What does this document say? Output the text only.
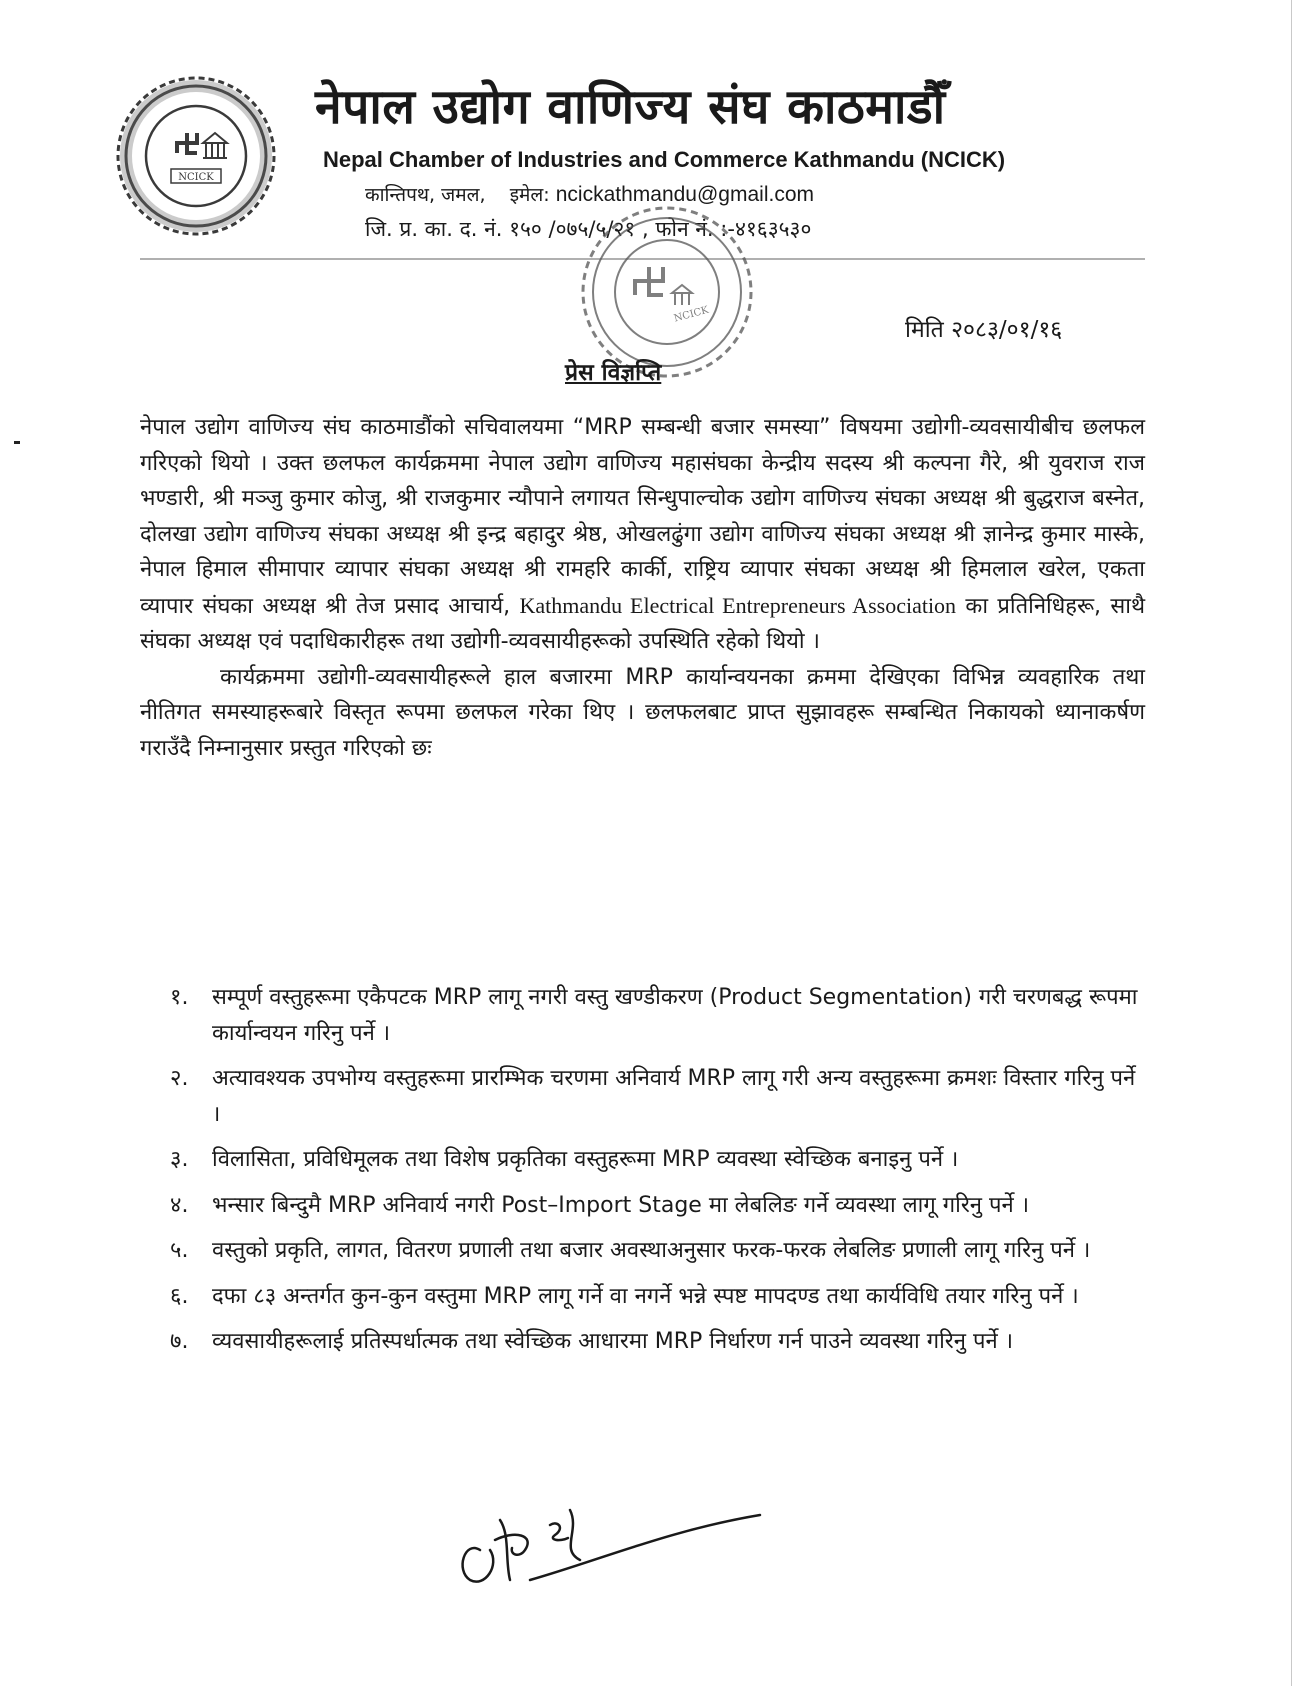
NCICK
नेपाल उद्योग वाणिज्य संघ काठमाडौँ
Nepal Chamber of Industries and Commerce Kathmandu (NCICK)
कान्तिपथ, जमल, इमेल: ncickathmandu@gmail.com
जि. प्र. का. द. नं. १५० /०७५/५/२१ , फोन नं. :-४१६३५३०
NCICK
मिति २०८३/०१/१६
प्रेस विज्ञप्ति

नेपाल उद्योग वाणिज्य संघ काठमाडौंको सचिवालयमा “MRP सम्बन्धी बजार समस्या” विषयमा उद्योगी-व्यवसायीबीच छलफल गरिएको थियो । उक्त छलफल कार्यक्रममा नेपाल उद्योग वाणिज्य महासंघका केन्द्रीय सदस्य श्री कल्पना गैरे, श्री युवराज राज भण्डारी, श्री मञ्जु कुमार कोजु, श्री राजकुमार न्यौपाने लगायत सिन्धुपाल्चोक उद्योग वाणिज्य संघका अध्यक्ष श्री बुद्धराज बस्नेत, दोलखा उद्योग वाणिज्य संघका अध्यक्ष श्री इन्द्र बहादुर श्रेष्ठ, ओखलढुंगा उद्योग वाणिज्य संघका अध्यक्ष श्री ज्ञानेन्द्र कुमार मास्के, नेपाल हिमाल सीमापार व्यापार संघका अध्यक्ष श्री रामहरि कार्की, राष्ट्रिय व्यापार संघका अध्यक्ष श्री हिमलाल खरेल, एकता व्यापार संघका अध्यक्ष श्री तेज प्रसाद आचार्य, Kathmandu Electrical Entrepreneurs Association का प्रतिनिधिहरू, साथै संघका अध्यक्ष एवं पदाधिकारीहरू तथा उद्योगी-व्यवसायीहरूको उपस्थिति रहेको थियो ।

कार्यक्रममा उद्योगी-व्यवसायीहरूले हाल बजारमा MRP कार्यान्वयनका क्रममा देखिएका विभिन्न व्यवहारिक तथा नीतिगत समस्याहरूबारे विस्तृत रूपमा छलफल गरेका थिए । छलफलबाट प्राप्त सुझावहरू सम्बन्धित निकायको ध्यानाकर्षण गराउँदै निम्नानुसार प्रस्तुत गरिएको छः

१. सम्पूर्ण वस्तुहरूमा एकैपटक MRP लागू नगरी वस्तु खण्डीकरण (Product Segmentation) गरी चरणबद्ध रूपमा कार्यान्वयन गरिनु पर्ने ।
२. अत्यावश्यक उपभोग्य वस्तुहरूमा प्रारम्भिक चरणमा अनिवार्य MRP लागू गरी अन्य वस्तुहरूमा क्रमशः विस्तार गरिनु पर्ने ।
३. विलासिता, प्रविधिमूलक तथा विशेष प्रकृतिका वस्तुहरूमा MRP व्यवस्था स्वेच्छिक बनाइनु पर्ने ।
४. भन्सार बिन्दुमै MRP अनिवार्य नगरी Post–Import Stage मा लेबलिङ गर्ने व्यवस्था लागू गरिनु पर्ने ।
५. वस्तुको प्रकृति, लागत, वितरण प्रणाली तथा बजार अवस्थाअनुसार फरक-फरक लेबलिङ प्रणाली लागू गरिनु पर्ने ।
६. दफा ८३ अन्तर्गत कुन-कुन वस्तुमा MRP लागू गर्ने वा नगर्ने भन्ने स्पष्ट मापदण्ड तथा कार्यविधि तयार गरिनु पर्ने ।
७. व्यवसायीहरूलाई प्रतिस्पर्धात्मक तथा स्वेच्छिक आधारमा MRP निर्धारण गर्न पाउने व्यवस्था गरिनु पर्ने ।
